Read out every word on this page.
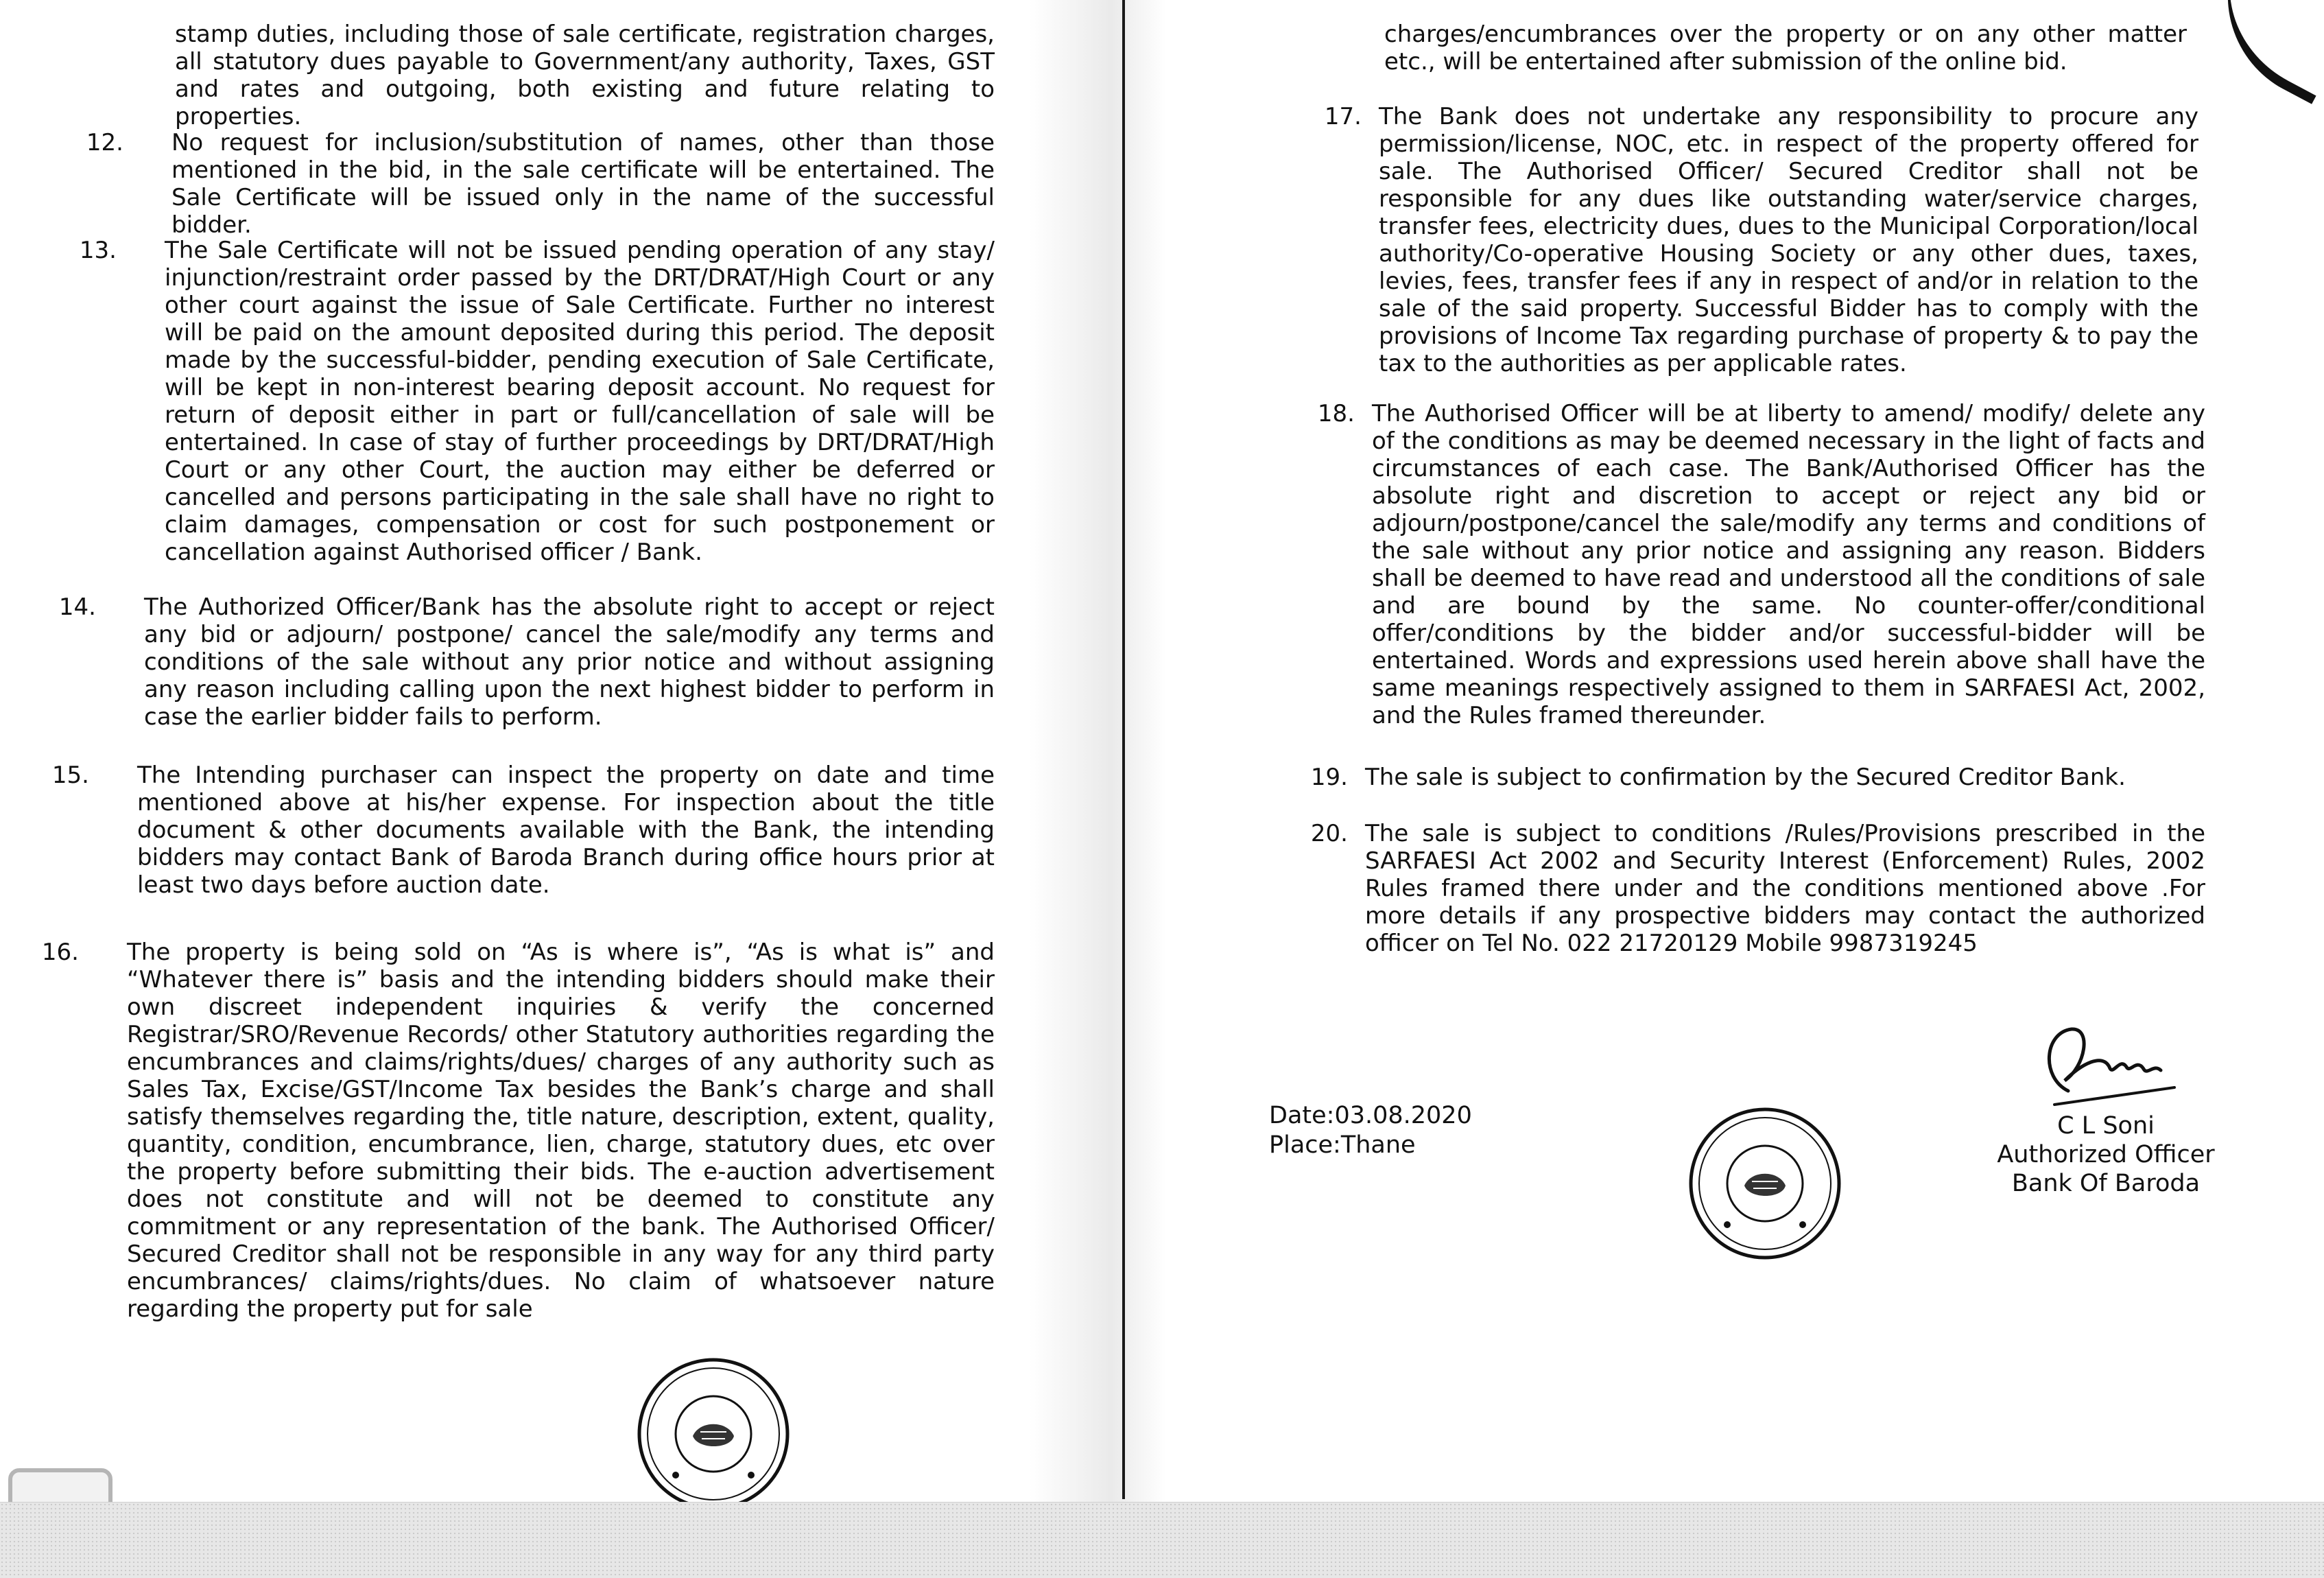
stamp duties, including those of sale certificate, registration charges, all statutory dues payable to Government/any authority, Taxes, GST and rates and outgoing, both existing and future relating to properties.
12. No request for inclusion/substitution of names, other than those mentioned in the bid, in the sale certificate will be entertained. The Sale Certificate will be issued only in the name of the successful bidder.
13. The Sale Certificate will not be issued pending operation of any stay/ injunction/restraint order passed by the DRT/DRAT/High Court or any other court against the issue of Sale Certificate. Further no interest will be paid on the amount deposited during this period. The deposit made by the successful-bidder, pending execution of Sale Certificate, will be kept in non-interest bearing deposit account. No request for return of deposit either in part or full/cancellation of sale will be entertained. In case of stay of further proceedings by DRT/DRAT/High Court or any other Court, the auction may either be deferred or cancelled and persons participating in the sale shall have no right to claim damages, compensation or cost for such postponement or cancellation against Authorised officer / Bank.
14. The Authorized Officer/Bank has the absolute right to accept or reject any bid or adjourn/ postpone/ cancel the sale/modify any terms and conditions of the sale without any prior notice and without assigning any reason including calling upon the next highest bidder to perform in case the earlier bidder fails to perform.
15. The Intending purchaser can inspect the property on date and time mentioned above at his/her expense. For inspection about the title document & other documents available with the Bank, the intending bidders may contact Bank of Baroda Branch during office hours prior at least two days before auction date.
16. The property is being sold on “As is where is”, “As is what is” and “Whatever there is” basis and the intending bidders should make their own discreet independent inquiries & verify the concerned Registrar/SRO/Revenue Records/ other Statutory authorities regarding the encumbrances and claims/rights/dues/ charges of any authority such as Sales Tax, Excise/GST/Income Tax besides the Bank’s charge and shall satisfy themselves regarding the, title nature, description, extent, quality, quantity, condition, encumbrance, lien, charge, statutory dues, etc over the property before submitting their bids. The e-auction advertisement does not constitute and will not be deemed to constitute any commitment or any representation of the bank. The Authorised Officer/ Secured Creditor shall not be responsible in any way for any third party encumbrances/ claims/rights/dues. No claim of whatsoever nature regarding the property put for sale
charges/encumbrances over the property or on any other matter etc., will be entertained after submission of the online bid.
17. The Bank does not undertake any responsibility to procure any permission/license, NOC, etc. in respect of the property offered for sale. The Authorised Officer/ Secured Creditor shall not be responsible for any dues like outstanding water/service charges, transfer fees, electricity dues, dues to the Municipal Corporation/local authority/Co-operative Housing Society or any other dues, taxes, levies, fees, transfer fees if any in respect of and/or in relation to the sale of the said property. Successful Bidder has to comply with the provisions of Income Tax regarding purchase of property & to pay the tax to the authorities as per applicable rates.
18. The Authorised Officer will be at liberty to amend/ modify/ delete any of the conditions as may be deemed necessary in the light of facts and circumstances of each case. The Bank/Authorised Officer has the absolute right and discretion to accept or reject any bid or adjourn/postpone/cancel the sale/modify any terms and conditions of the sale without any prior notice and assigning any reason. Bidders shall be deemed to have read and understood all the conditions of sale and are bound by the same. No counter-offer/conditional offer/conditions by the bidder and/or successful-bidder will be entertained. Words and expressions used herein above shall have the same meanings respectively assigned to them in SARFAESI Act, 2002, and the Rules framed thereunder.
19. The sale is subject to confirmation by the Secured Creditor Bank.
20. The sale is subject to conditions /Rules/Provisions prescribed in the SARFAESI Act 2002 and Security Interest (Enforcement) Rules, 2002 Rules framed there under and the conditions mentioned above .For more details if any prospective bidders may contact the authorized officer on Tel No. 022 21720129 Mobile 9987319245
Date:03.08.2020
Place:Thane
C L Soni
Authorized Officer
Bank Of Baroda
